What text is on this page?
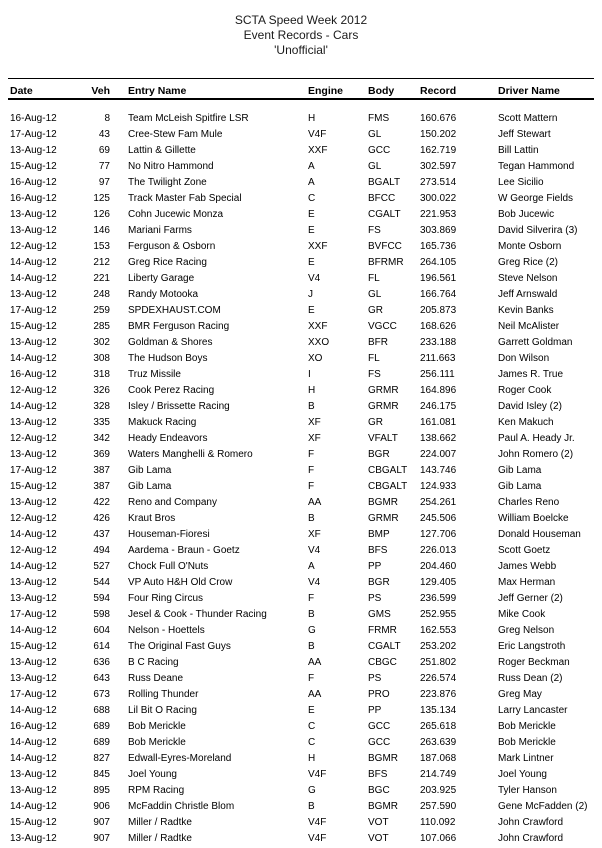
SCTA Speed Week 2012
Event Records - Cars
'Unofficial'
Date	Veh	Entry Name	Engine	Body	Record	Driver Name
16-Aug-12	8	Team McLeish Spitfire LSR	H	FMS	160.676	Scott Mattern
17-Aug-12	43	Cree-Stew Fam Mule	V4F	GL	150.202	Jeff Stewart
13-Aug-12	69	Lattin & Gillette	XXF	GCC	162.719	Bill Lattin
15-Aug-12	77	No Nitro Hammond	A	GL	302.597	Tegan Hammond
16-Aug-12	97	The Twilight Zone	A	BGALT	273.514	Lee Sicilio
16-Aug-12	125	Track Master Fab Special	C	BFCC	300.022	W George Fields
13-Aug-12	126	Cohn Jucewic Monza	E	CGALT	221.953	Bob Jucewic
13-Aug-12	146	Mariani Farms	E	FS	303.869	David Silverira (3)
12-Aug-12	153	Ferguson & Osborn	XXF	BVFCC	165.736	Monte Osborn
14-Aug-12	212	Greg Rice Racing	E	BFRMR	264.105	Greg Rice (2)
14-Aug-12	221	Liberty Garage	V4	FL	196.561	Steve Nelson
13-Aug-12	248	Randy Motooka	J	GL	166.764	Jeff Arnswald
17-Aug-12	259	SPDEXHAUST.COM	E	GR	205.873	Kevin Banks
15-Aug-12	285	BMR Ferguson Racing	XXF	VGCC	168.626	Neil McAlister
13-Aug-12	302	Goldman & Shores	XXO	BFR	233.188	Garrett Goldman
14-Aug-12	308	The Hudson Boys	XO	FL	211.663	Don Wilson
16-Aug-12	318	Truz Missile	I	FS	256.111	James R. True
12-Aug-12	326	Cook Perez Racing	H	GRMR	164.896	Roger Cook
14-Aug-12	328	Isley / Brissette Racing	B	GRMR	246.175	David Isley (2)
13-Aug-12	335	Makuck Racing	XF	GR	161.081	Ken Makuch
12-Aug-12	342	Heady Endeavors	XF	VFALT	138.662	Paul A. Heady Jr.
13-Aug-12	369	Waters Manghelli & Romero	F	BGR	224.007	John Romero (2)
17-Aug-12	387	Gib Lama	F	CBGALT	143.746	Gib Lama
15-Aug-12	387	Gib Lama	F	CBGALT	124.933	Gib Lama
13-Aug-12	422	Reno and Company	AA	BGMR	254.261	Charles Reno
12-Aug-12	426	Kraut Bros	B	GRMR	245.506	William Boelcke
14-Aug-12	437	Houseman-Fioresi	XF	BMP	127.706	Donald Houseman
12-Aug-12	494	Aardema - Braun - Goetz	V4	BFS	226.013	Scott Goetz
14-Aug-12	527	Chock Full O'Nuts	A	PP	204.460	James Webb
13-Aug-12	544	VP Auto H&H Old Crow	V4	BGR	129.405	Max Herman
13-Aug-12	594	Four Ring Circus	F	PS	236.599	Jeff Gerner (2)
17-Aug-12	598	Jesel & Cook - Thunder Racing	B	GMS	252.955	Mike Cook
14-Aug-12	604	Nelson - Hoettels	G	FRMR	162.553	Greg Nelson
15-Aug-12	614	The Original Fast Guys	B	CGALT	253.202	Eric Langstroth
13-Aug-12	636	B C Racing	AA	CBGC	251.802	Roger Beckman
13-Aug-12	643	Russ Deane	F	PS	226.574	Russ Dean (2)
17-Aug-12	673	Rolling Thunder	AA	PRO	223.876	Greg May
14-Aug-12	688	Lil Bit O Racing	E	PP	135.134	Larry Lancaster
16-Aug-12	689	Bob Merickle	C	GCC	265.618	Bob Merickle
14-Aug-12	689	Bob Merickle	C	GCC	263.639	Bob Merickle
14-Aug-12	827	Edwall-Eyres-Moreland	H	BGMR	187.068	Mark Lintner
13-Aug-12	845	Joel Young	V4F	BFS	214.749	Joel Young
13-Aug-12	895	RPM Racing	G	BGC	203.925	Tyler Hanson
14-Aug-12	906	McFaddin Christle Blom	B	BGMR	257.590	Gene McFadden (2)
15-Aug-12	907	Miller / Radtke	V4F	VOT	110.092	John Crawford
13-Aug-12	907	Miller / Radtke	V4F	VOT	107.066	John Crawford
